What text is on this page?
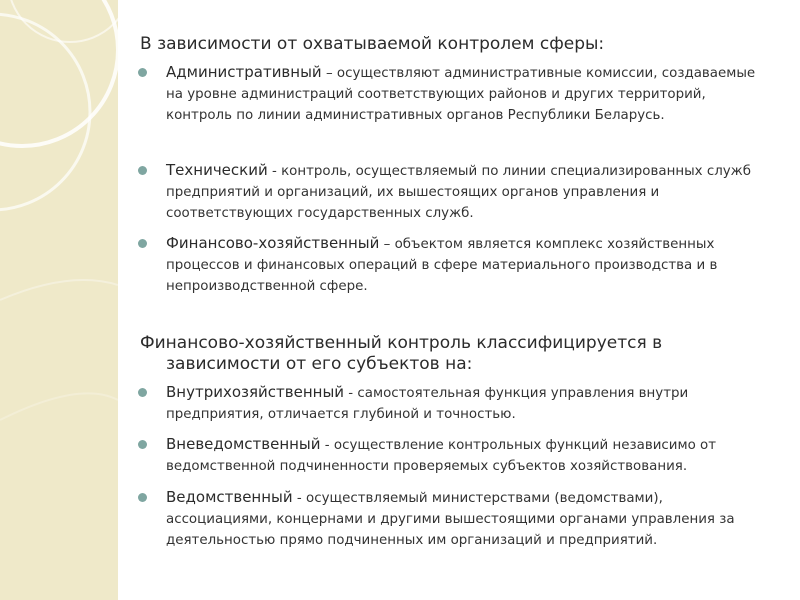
В зависимости от охватываемой контролем сферы:
Административный – осуществляют административные комиссии, создаваемые на уровне администраций соответствующих районов и других территорий, контроль по линии административных органов Республики Беларусь.
Технический - контроль, осуществляемый по линии специализированных служб предприятий и организаций, их вышестоящих органов управления и соответствующих государственных служб.
Финансово-хозяйственный – объектом является комплекс хозяйственных процессов и финансовых операций в сфере материального производства и в непроизводственной сфере.
Финансово-хозяйственный контроль классифицируется в
зависимости от его субъектов на:
Внутрихозяйственный - самостоятельная функция управления внутри предприятия, отличается глубиной и точностью.
Вневедомственный - осуществление контрольных функций независимо от ведомственной подчиненности проверяемых субъектов хозяйствования.
Ведомственный - осуществляемый министерствами (ведомствами), ассоциациями, концернами и другими вышестоящими органами управления за деятельностью прямо подчиненных им организаций и предприятий.
